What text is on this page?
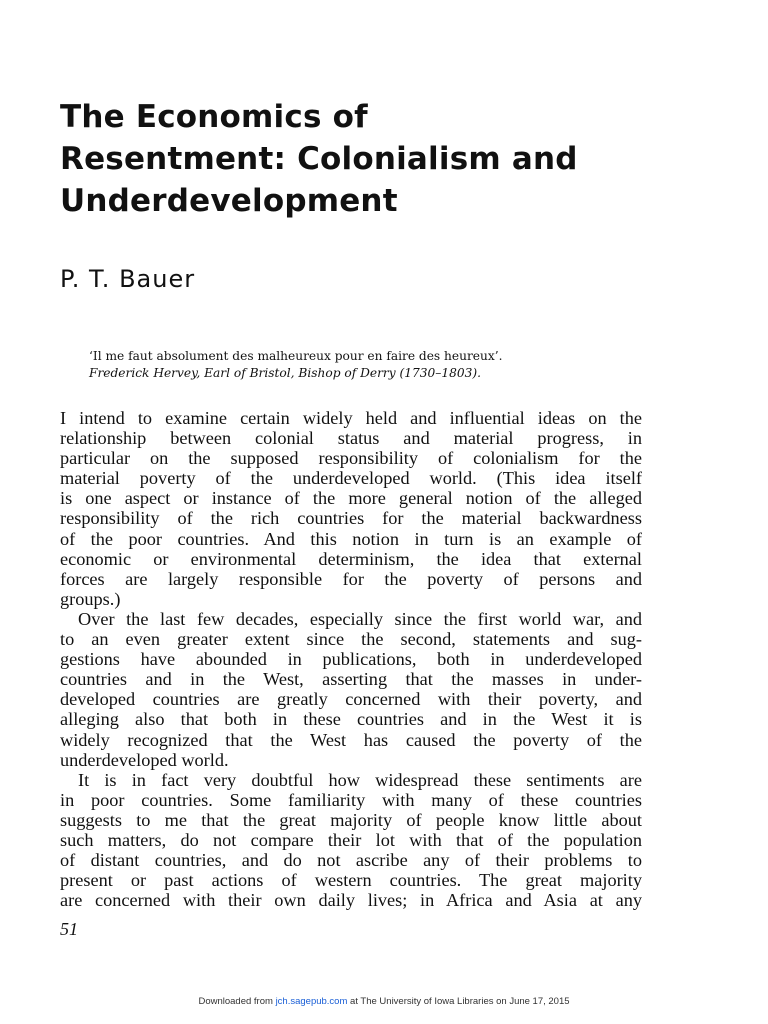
The Economics of
Resentment: Colonialism and
Underdevelopment
P. T. Bauer
‘Il me faut absolument des malheureux pour en faire des heureux’.
Frederick Hervey, Earl of Bristol, Bishop of Derry (1730–1803).
I intend to examine certain widely held and influential ideas on the
relationship between colonial status and material progress, in
particular on the supposed responsibility of colonialism for the
material poverty of the underdeveloped world. (This idea itself
is one aspect or instance of the more general notion of the alleged
responsibility of the rich countries for the material backwardness
of the poor countries. And this notion in turn is an example of
economic or environmental determinism, the idea that external
forces are largely responsible for the poverty of persons and
groups.)
Over the last few decades, especially since the first world war, and
to an even greater extent since the second, statements and sug-
gestions have abounded in publications, both in underdeveloped
countries and in the West, asserting that the masses in under-
developed countries are greatly concerned with their poverty, and
alleging also that both in these countries and in the West it is
widely recognized that the West has caused the poverty of the
underdeveloped world.
It is in fact very doubtful how widespread these sentiments are
in poor countries. Some familiarity with many of these countries
suggests to me that the great majority of people know little about
such matters, do not compare their lot with that of the population
of distant countries, and do not ascribe any of their problems to
present or past actions of western countries. The great majority
are concerned with their own daily lives; in Africa and Asia at any
51
Downloaded from jch.sagepub.com at The University of Iowa Libraries on June 17, 2015
